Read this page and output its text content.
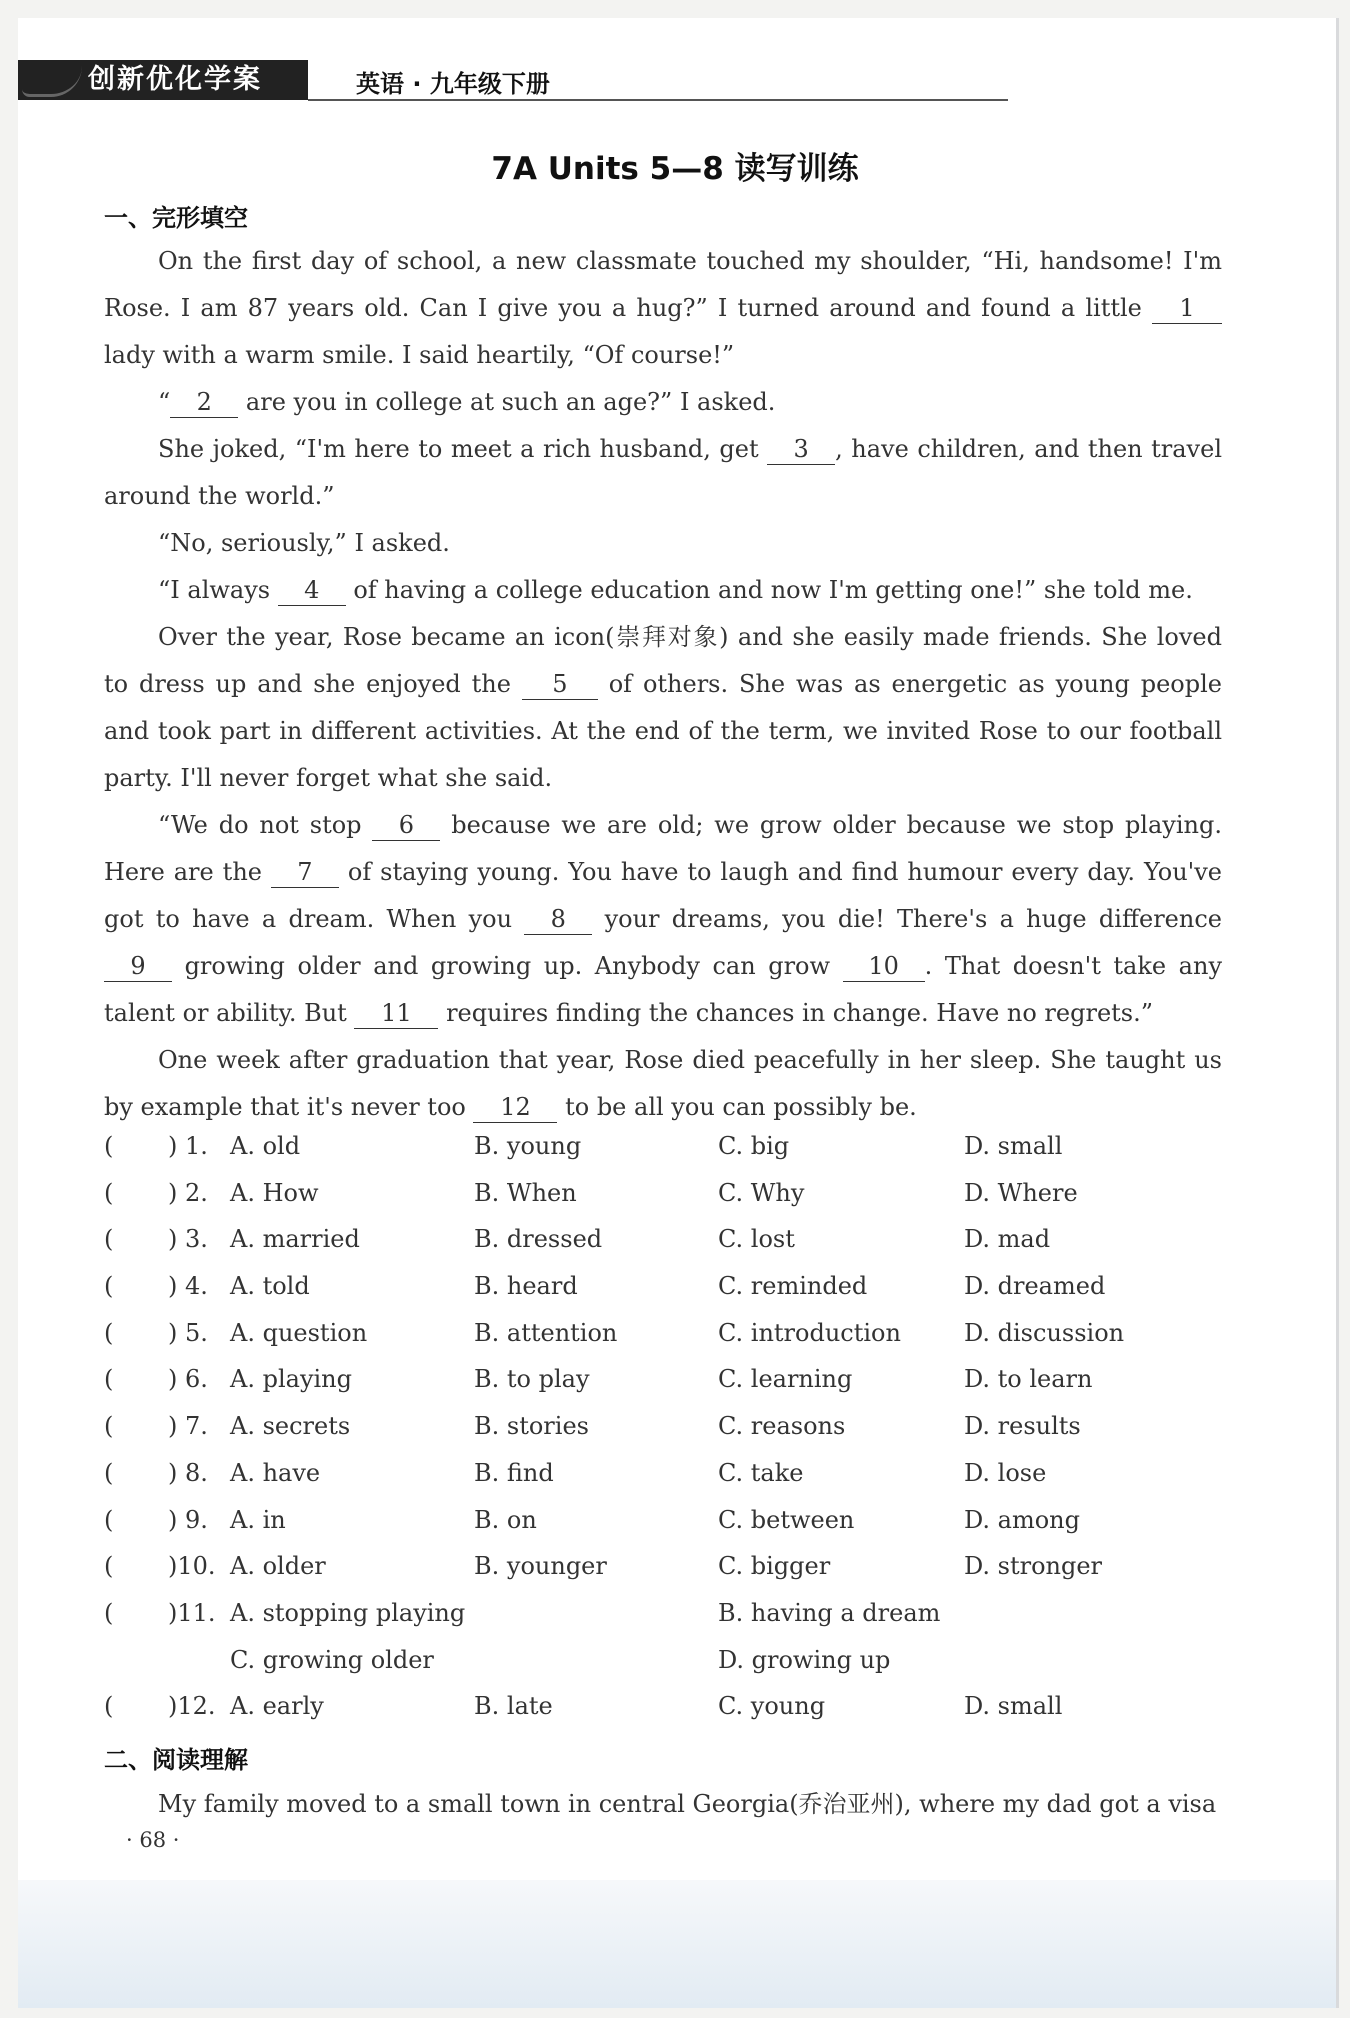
创新优化学案	英语 · 九年级下册
7A Units 5—8 读写训练
一、完形填空

On the first day of school, a new classmate touched my shoulder, “Hi, handsome! I'm Rose. I am 87 years old. Can I give you a hug?” I turned around and found a little 1 lady with a warm smile. I said heartily, “Of course!”

“ 2 are you in college at such an age?” I asked.

She joked, “I'm here to meet a rich husband, get 3 , have children, and then travel around the world.”

“No, seriously,” I asked.

“I always 4 of having a college education and now I'm getting one!” she told me.

Over the year, Rose became an icon(崇拜对象) and she easily made friends. She loved to dress up and she enjoyed the 5 of others. She was as energetic as young people and took part in different activities. At the end of the term, we invited Rose to our football party. I'll never forget what she said.

“We do not stop 6 because we are old; we grow older because we stop playing. Here are the 7 of staying young. You have to laugh and find humour every day. You've got to have a dream. When you 8 your dreams, you die! There's a huge difference 9 growing older and growing up. Anybody can grow 10 . That doesn't take any talent or ability. But 11 requires finding the chances in change. Have no regrets.”

One week after graduation that year, Rose died peacefully in her sleep. She taught us by example that it's never too 12 to be all you can possibly be.

( ) 1. A. old	B. young	C. big	D. small
( ) 2. A. How	B. When	C. Why	D. Where
( ) 3. A. married	B. dressed	C. lost	D. mad
( ) 4. A. told	B. heard	C. reminded	D. dreamed
( ) 5. A. question	B. attention	C. introduction	D. discussion
( ) 6. A. playing	B. to play	C. learning	D. to learn
( ) 7. A. secrets	B. stories	C. reasons	D. results
( ) 8. A. have	B. find	C. take	D. lose
( ) 9. A. in	B. on	C. between	D. among
( )10. A. older	B. younger	C. bigger	D. stronger
( )11. A. stopping playing	B. having a dream
C. growing older	D. growing up
( )12. A. early	B. late	C. young	D. small
二、阅读理解
My family moved to a small town in central Georgia(乔治亚州), where my dad got a visa
· 68 ·
